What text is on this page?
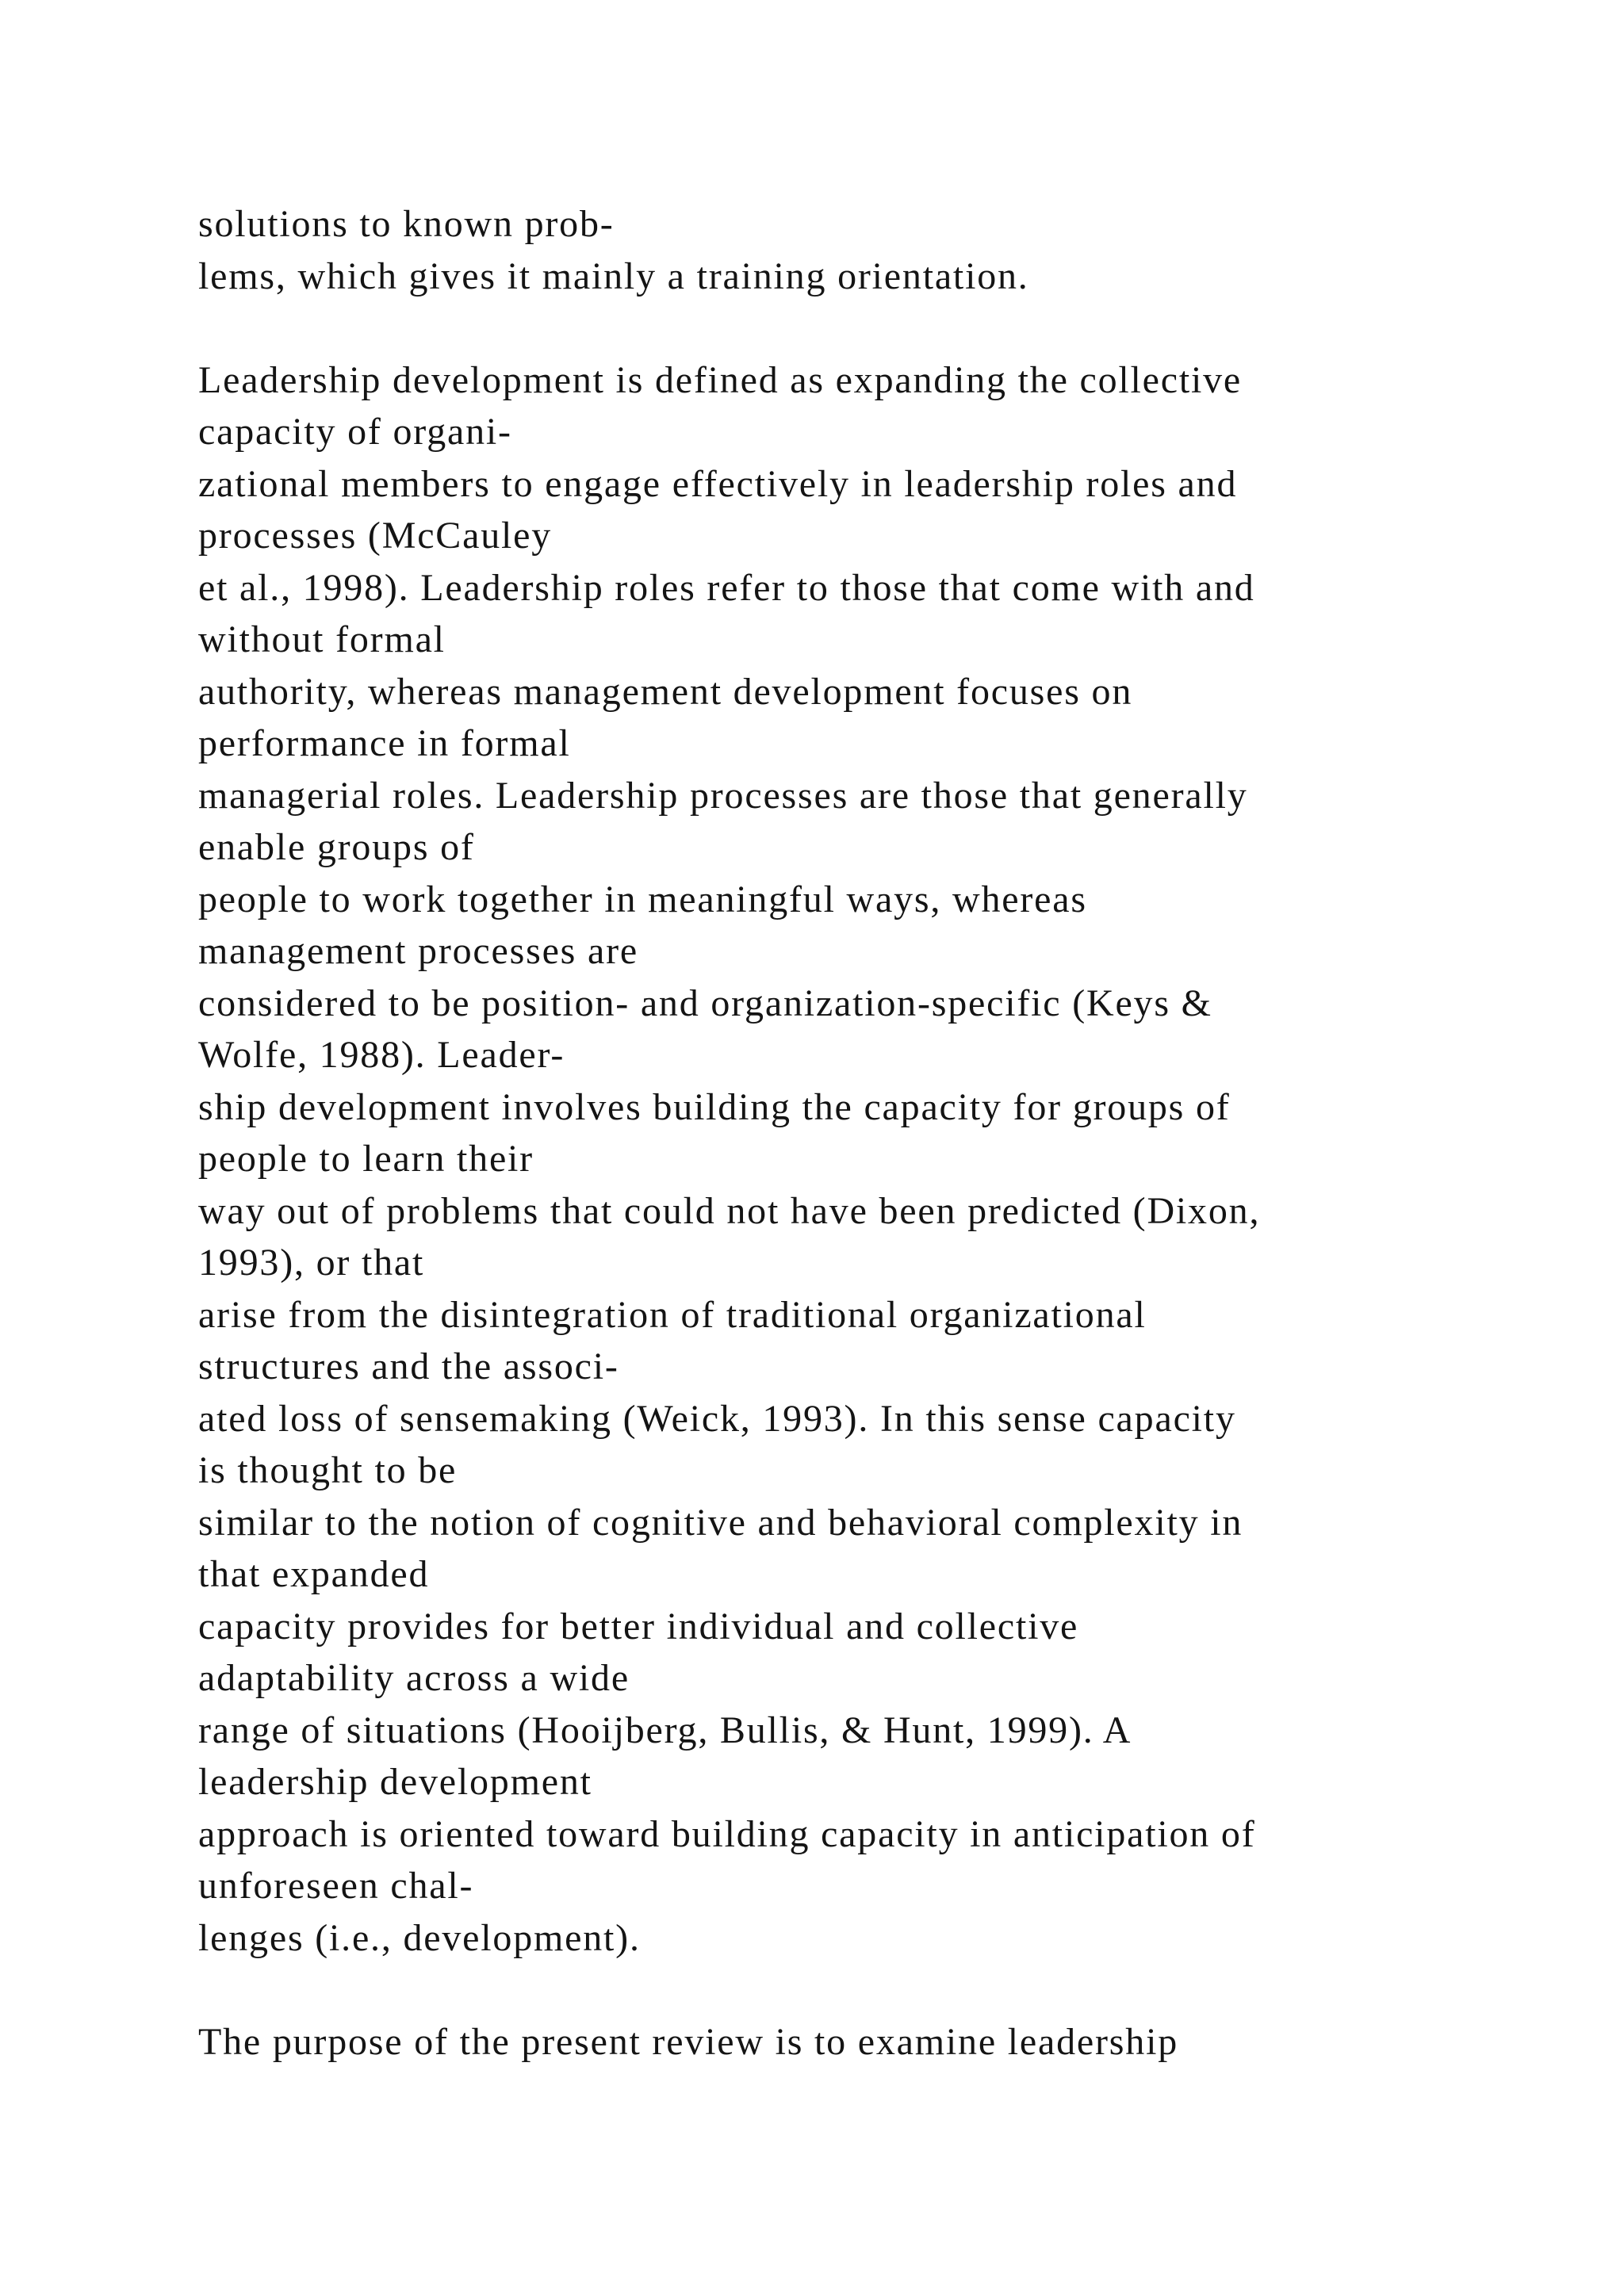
solutions to known prob-
lems, which gives it mainly a training orientation.
Leadership development is defined as expanding the collective
capacity of organi-
zational members to engage effectively in leadership roles and
processes (McCauley
et al., 1998). Leadership roles refer to those that come with and
without formal
authority, whereas management development focuses on
performance in formal
managerial roles. Leadership processes are those that generally
enable groups of
people to work together in meaningful ways, whereas
management processes are
considered to be position- and organization-specific (Keys &
Wolfe, 1988). Leader-
ship development involves building the capacity for groups of
people to learn their
way out of problems that could not have been predicted (Dixon,
1993), or that
arise from the disintegration of traditional organizational
structures and the associ-
ated loss of sensemaking (Weick, 1993). In this sense capacity
is thought to be
similar to the notion of cognitive and behavioral complexity in
that expanded
capacity provides for better individual and collective
adaptability across a wide
range of situations (Hooijberg, Bullis, & Hunt, 1999). A
leadership development
approach is oriented toward building capacity in anticipation of
unforeseen chal-
lenges (i.e., development).
The purpose of the present review is to examine leadership
